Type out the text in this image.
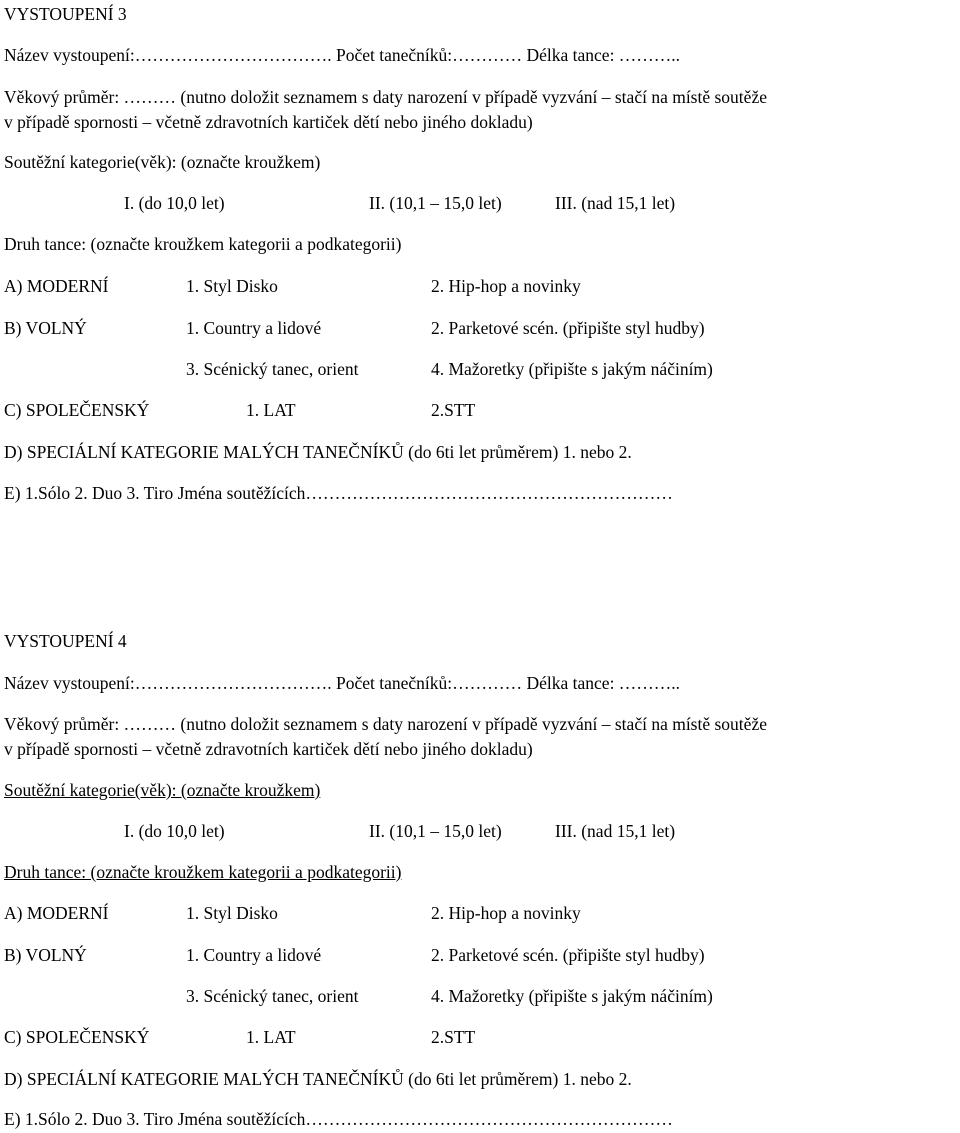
VYSTOUPENÍ 3
Název vystoupení:……………………………. Počet tanečníků:………… Délka tance: ………..
Věkový průměr: ……… (nutno doložit seznamem s daty narození v případě vyzvání – stačí na místě soutěže
v případě spornosti – včetně zdravotních kartiček dětí nebo jiného dokladu)
Soutěžní kategorie(věk): (označte kroužkem)
I. (do 10,0 let)	II. (10,1 – 15,0 let)	III. (nad 15,1 let)
Druh tance: (označte kroužkem kategorii a podkategorii)
A) MODERNÍ	1. Styl Disko	2. Hip-hop a novinky
B) VOLNÝ	1. Country a lidové	2. Parketové scén. (připište styl hudby)
3. Scénický tanec, orient	4. Mažoretky (připište s jakým náčiním)
C) SPOLEČENSKÝ	1. LAT	2.STT
D) SPECIÁLNÍ KATEGORIE MALÝCH TANEČNÍKŮ (do 6ti let průměrem) 1. nebo 2.
E) 1.Sólo 2. Duo 3. Tiro Jména soutěžících………………………………………………………
VYSTOUPENÍ 4
Název vystoupení:……………………………. Počet tanečníků:………… Délka tance: ………..
Věkový průměr: ……… (nutno doložit seznamem s daty narození v případě vyzvání – stačí na místě soutěže
v případě spornosti – včetně zdravotních kartiček dětí nebo jiného dokladu)
Soutěžní kategorie(věk): (označte kroužkem)
I. (do 10,0 let)	II. (10,1 – 15,0 let)	III. (nad 15,1 let)
Druh tance: (označte kroužkem kategorii a podkategorii)
A) MODERNÍ	1. Styl Disko	2. Hip-hop a novinky
B) VOLNÝ	1. Country a lidové	2. Parketové scén. (připište styl hudby)
3. Scénický tanec, orient	4. Mažoretky (připište s jakým náčiním)
C) SPOLEČENSKÝ	1. LAT	2.STT
D) SPECIÁLNÍ KATEGORIE MALÝCH TANEČNÍKŮ (do 6ti let průměrem) 1. nebo 2.
E) 1.Sólo 2. Duo 3. Tiro Jména soutěžících………………………………………………………
